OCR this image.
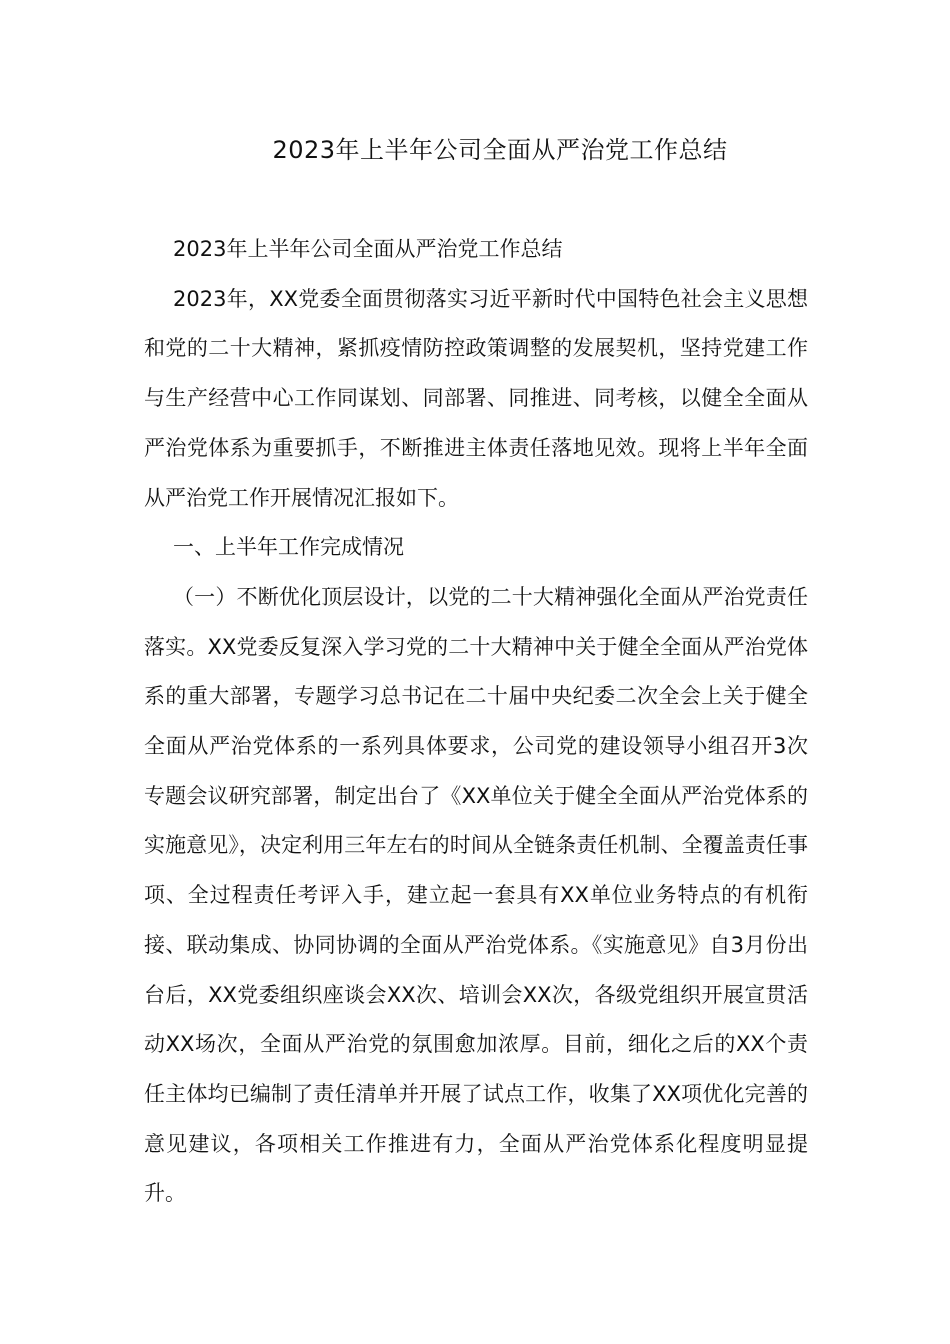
2023年上半年公司全面从严治党工作总结

2023年上半年公司全面从严治党工作总结

2023年，XX党委全面贯彻落实习近平新时代中国特色社会主义思想和党的二十大精神，紧抓疫情防控政策调整的发展契机，坚持党建工作与生产经营中心工作同谋划、同部署、同推进、同考核，以健全全面从严治党体系为重要抓手，不断推进主体责任落地见效。现将上半年全面从严治党工作开展情况汇报如下。

一、上半年工作完成情况

（一）不断优化顶层设计，以党的二十大精神强化全面从严治党责任落实。XX党委反复深入学习党的二十大精神中关于健全全面从严治党体系的重大部署，专题学习总书记在二十届中央纪委二次全会上关于健全全面从严治党体系的一系列具体要求，公司党的建设领导小组召开3次专题会议研究部署，制定出台了《XX单位关于健全全面从严治党体系的实施意见》，决定利用三年左右的时间从全链条责任机制、全覆盖责任事项、全过程责任考评入手，建立起一套具有XX单位业务特点的有机衔接、联动集成、协同协调的全面从严治党体系。《实施意见》自3月份出台后，XX党委组织座谈会XX次、培训会XX次，各级党组织开展宣贯活动XX场次，全面从严治党的氛围愈加浓厚。目前，细化之后的XX个责任主体均已编制了责任清单并开展了试点工作，收集了XX项优化完善的意见建议，各项相关工作推进有力，全面从严治党体系化程度明显提升。
